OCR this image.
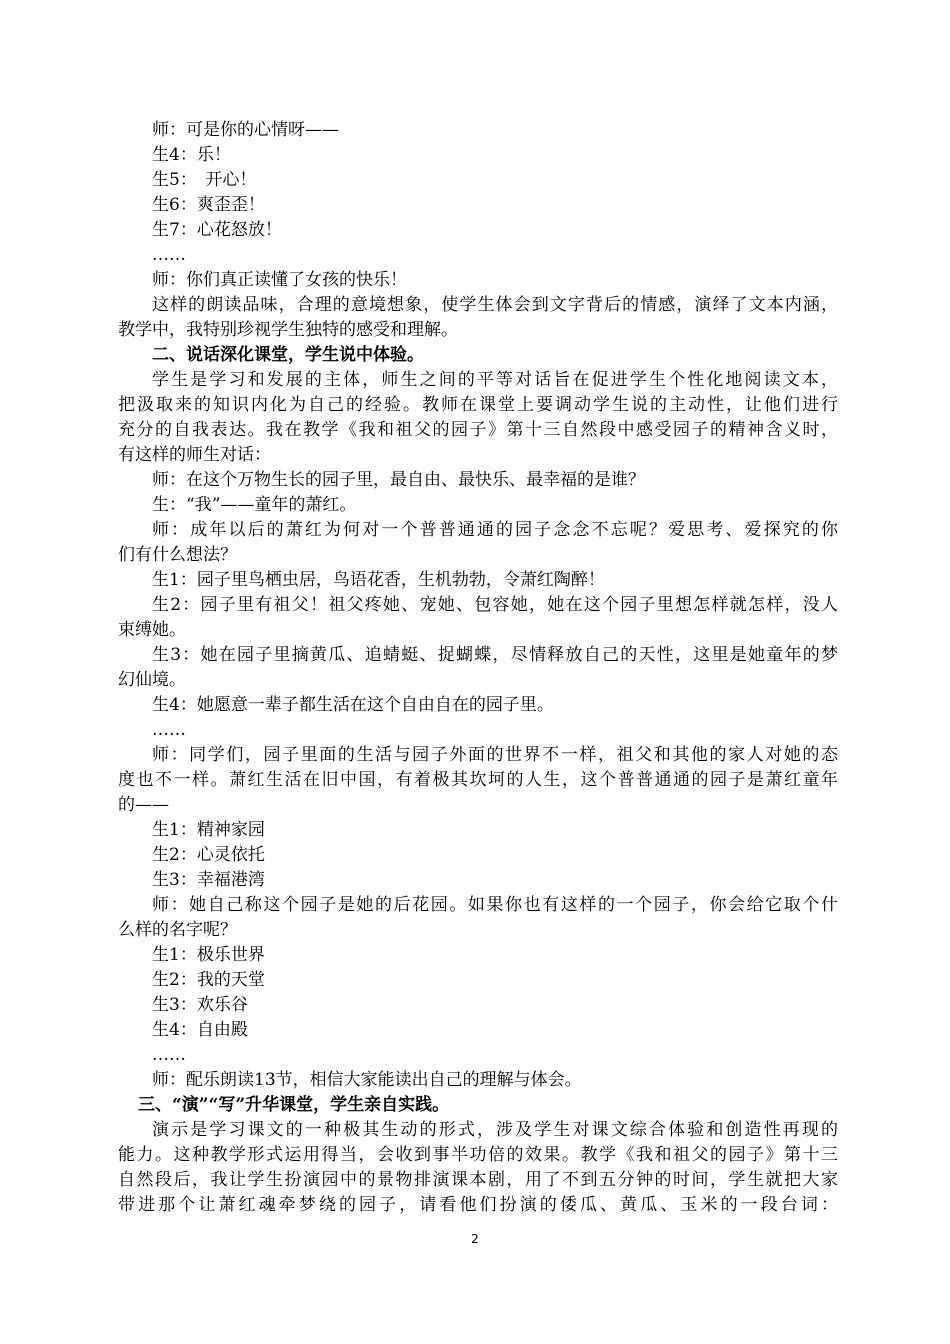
师：可是你的心情呀——
生4：乐！
生5：　开心！
生6：爽歪歪！
生7：心花怒放！
……
师：你们真正读懂了女孩的快乐！
这样的朗读品味，合理的意境想象，使学生体会到文字背后的情感，演绎了文本内涵，
教学中，我特别珍视学生独特的感受和理解。
二、说话深化课堂，学生说中体验。
学生是学习和发展的主体，师生之间的平等对话旨在促进学生个性化地阅读文本，
把汲取来的知识内化为自己的经验。教师在课堂上要调动学生说的主动性，让他们进行
充分的自我表达。我在教学《我和祖父的园子》第十三自然段中感受园子的精神含义时，
有这样的师生对话：
师：在这个万物生长的园子里，最自由、最快乐、最幸福的是谁？
生：“我”——童年的萧红。
师：成年以后的萧红为何对一个普普通通的园子念念不忘呢？爱思考、爱探究的你
们有什么想法？
生1：园子里鸟栖虫居，鸟语花香，生机勃勃，令萧红陶醉！
生2：园子里有祖父！祖父疼她、宠她、包容她，她在这个园子里想怎样就怎样，没人
束缚她。
生3：她在园子里摘黄瓜、追蜻蜓、捉蝴蝶，尽情释放自己的天性，这里是她童年的梦
幻仙境。
生4：她愿意一辈子都生活在这个自由自在的园子里。
……
师：同学们，园子里面的生活与园子外面的世界不一样，祖父和其他的家人对她的态
度也不一样。萧红生活在旧中国，有着极其坎坷的人生，这个普普通通的园子是萧红童年
的——
生1：精神家园
生2：心灵依托
生3：幸福港湾
师：她自己称这个园子是她的后花园。如果你也有这样的一个园子，你会给它取个什
么样的名字呢？
生1：极乐世界
生2：我的天堂
生3：欢乐谷
生4：自由殿
……
师：配乐朗读13节，相信大家能读出自己的理解与体会。
三、“演”“写”升华课堂，学生亲自实践。
演示是学习课文的一种极其生动的形式，涉及学生对课文综合体验和创造性再现的
能力。这种教学形式运用得当，会收到事半功倍的效果。教学《我和祖父的园子》第十三
自然段后，我让学生扮演园中的景物排演课本剧，用了不到五分钟的时间，学生就把大家
带进那个让萧红魂牵梦绕的园子，请看他们扮演的倭瓜、黄瓜、玉米的一段台词：
2
